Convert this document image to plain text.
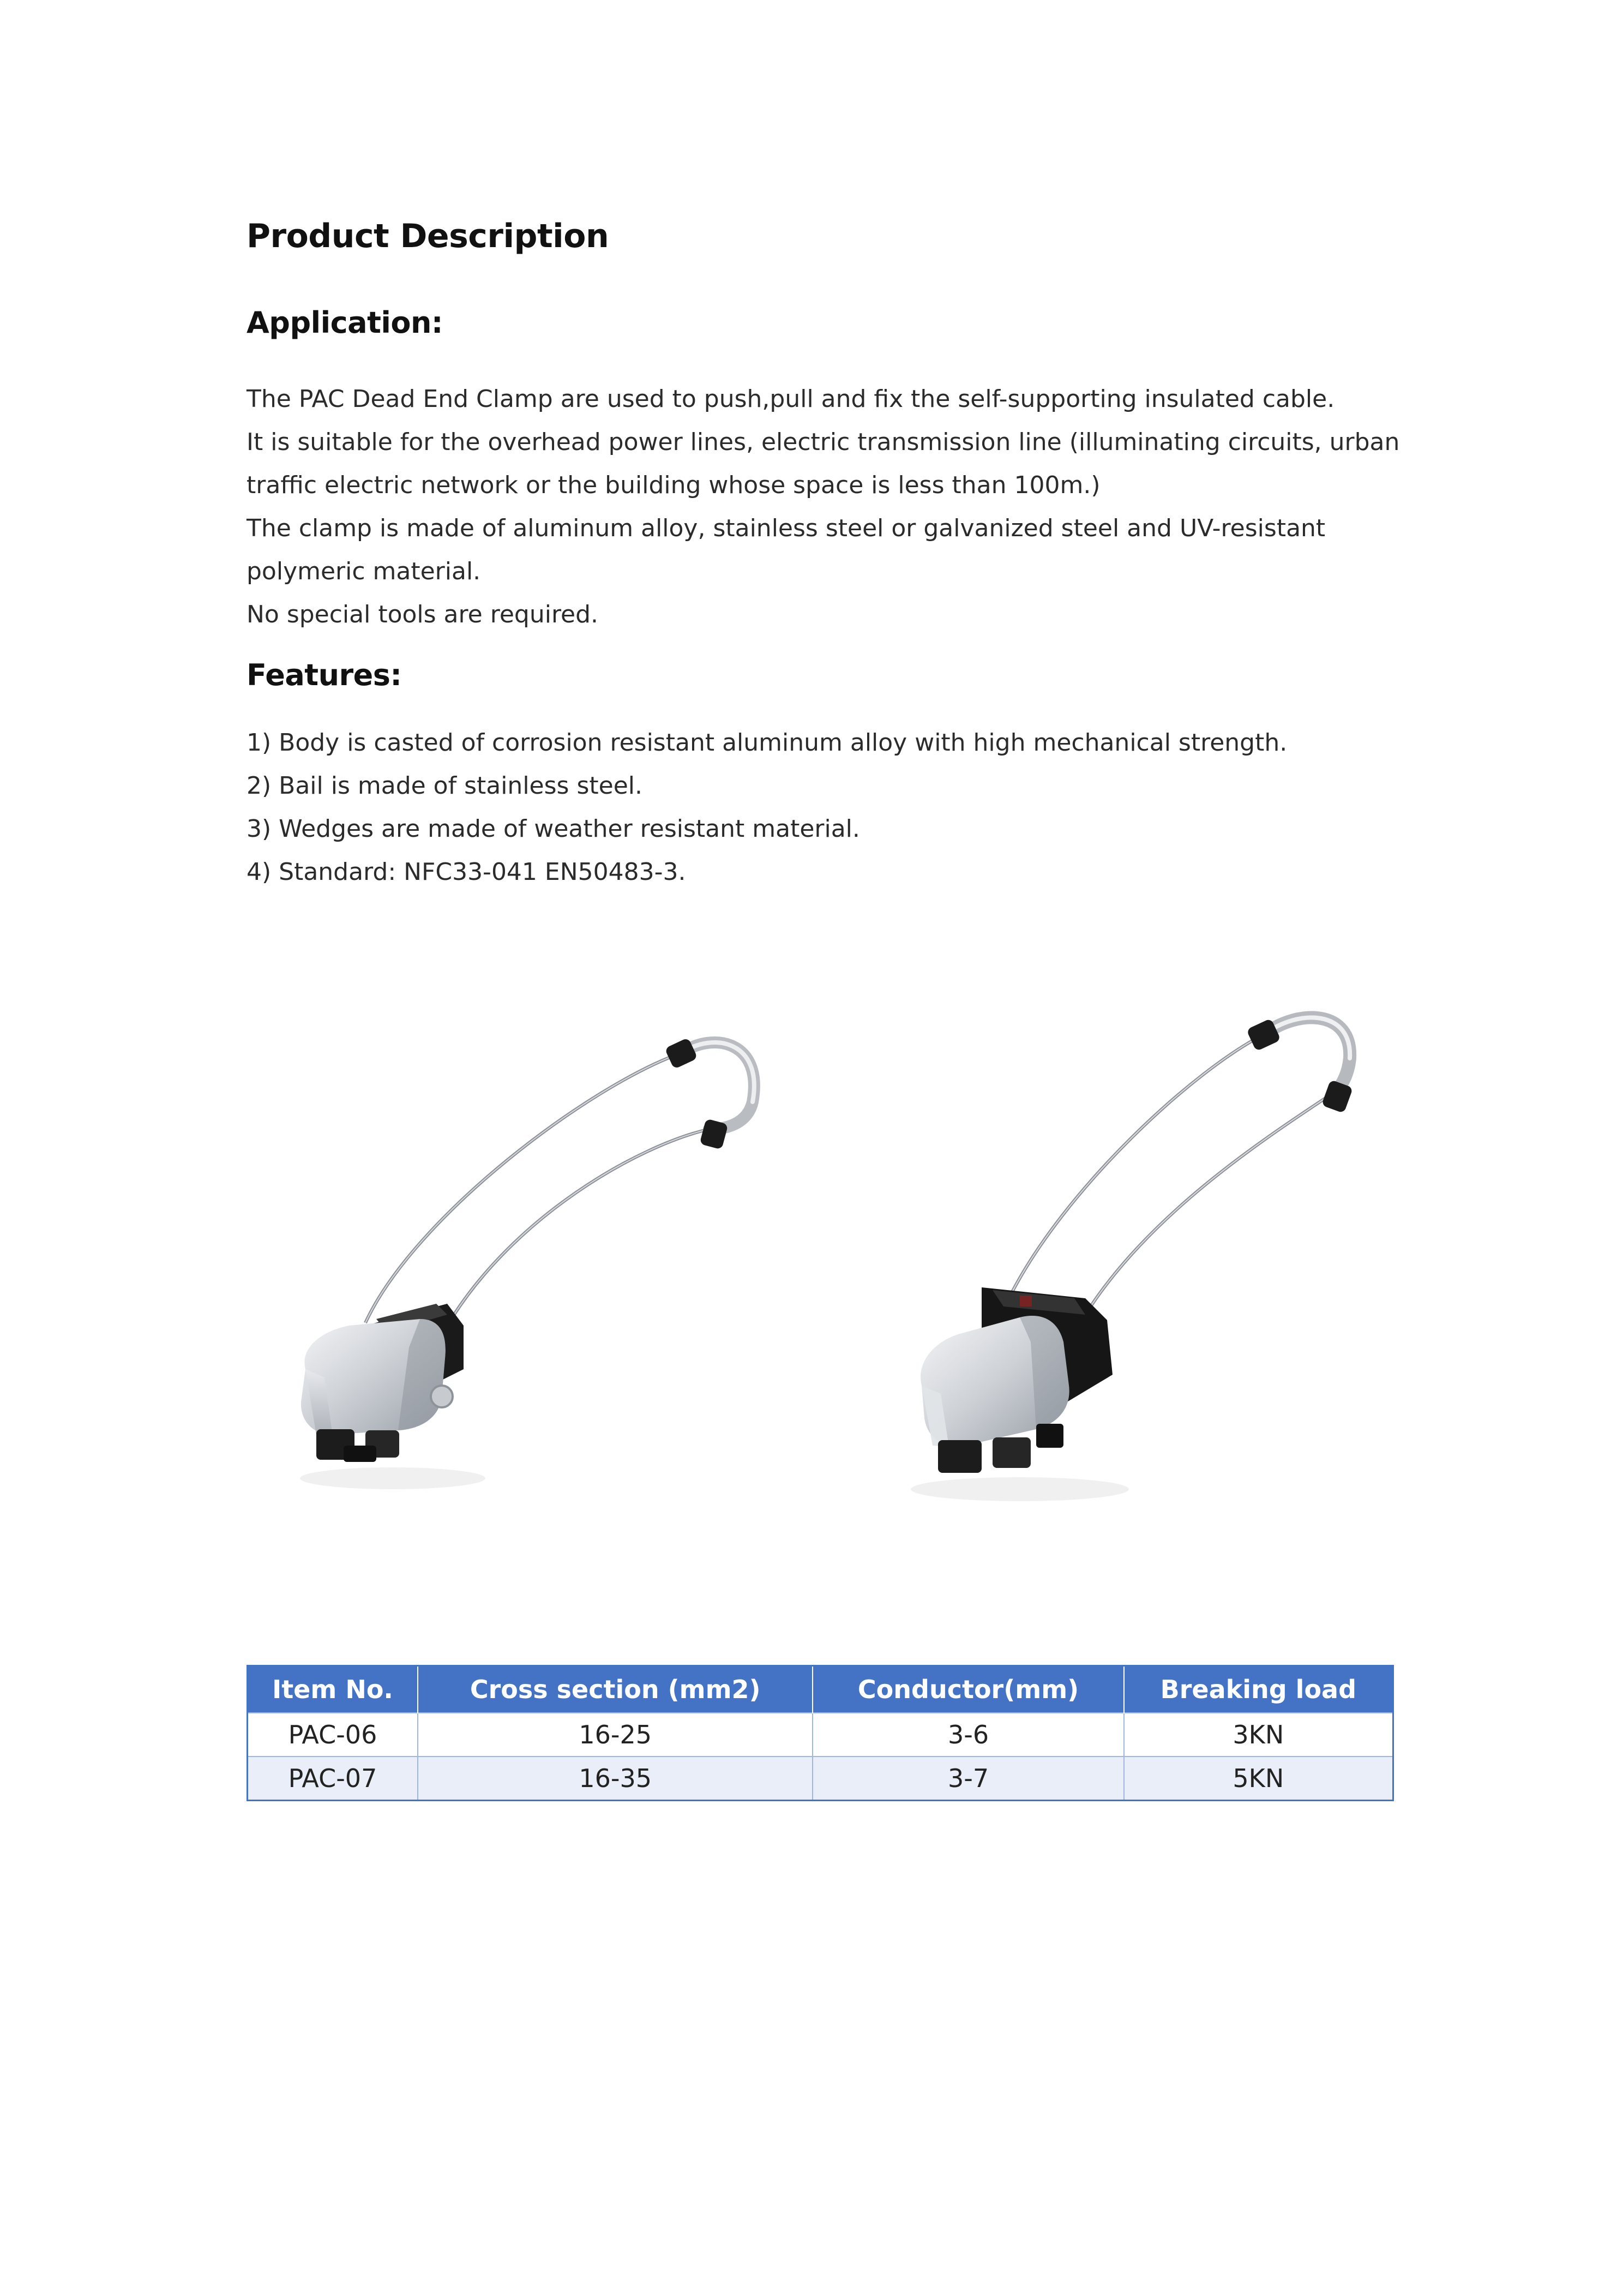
Product Description
Application:
The PAC Dead End Clamp are used to push,pull and fix the self-supporting insulated cable.
It is suitable for the overhead power lines, electric transmission line (illuminating circuits, urban
traffic electric network or the building whose space is less than 100m.)
The clamp is made of aluminum alloy, stainless steel or galvanized steel and UV-resistant
polymeric material.
No special tools are required.
Features:
1) Body is casted of corrosion resistant aluminum alloy with high mechanical strength.
2) Bail is made of stainless steel.
3) Wedges are made of weather resistant material.
4) Standard: NFC33-041 EN50483-3.
Item No.	Cross section (mm2)	Conductor(mm)	Breaking load
PAC-06	16-25	3-6	3KN
PAC-07	16-35	3-7	5KN
